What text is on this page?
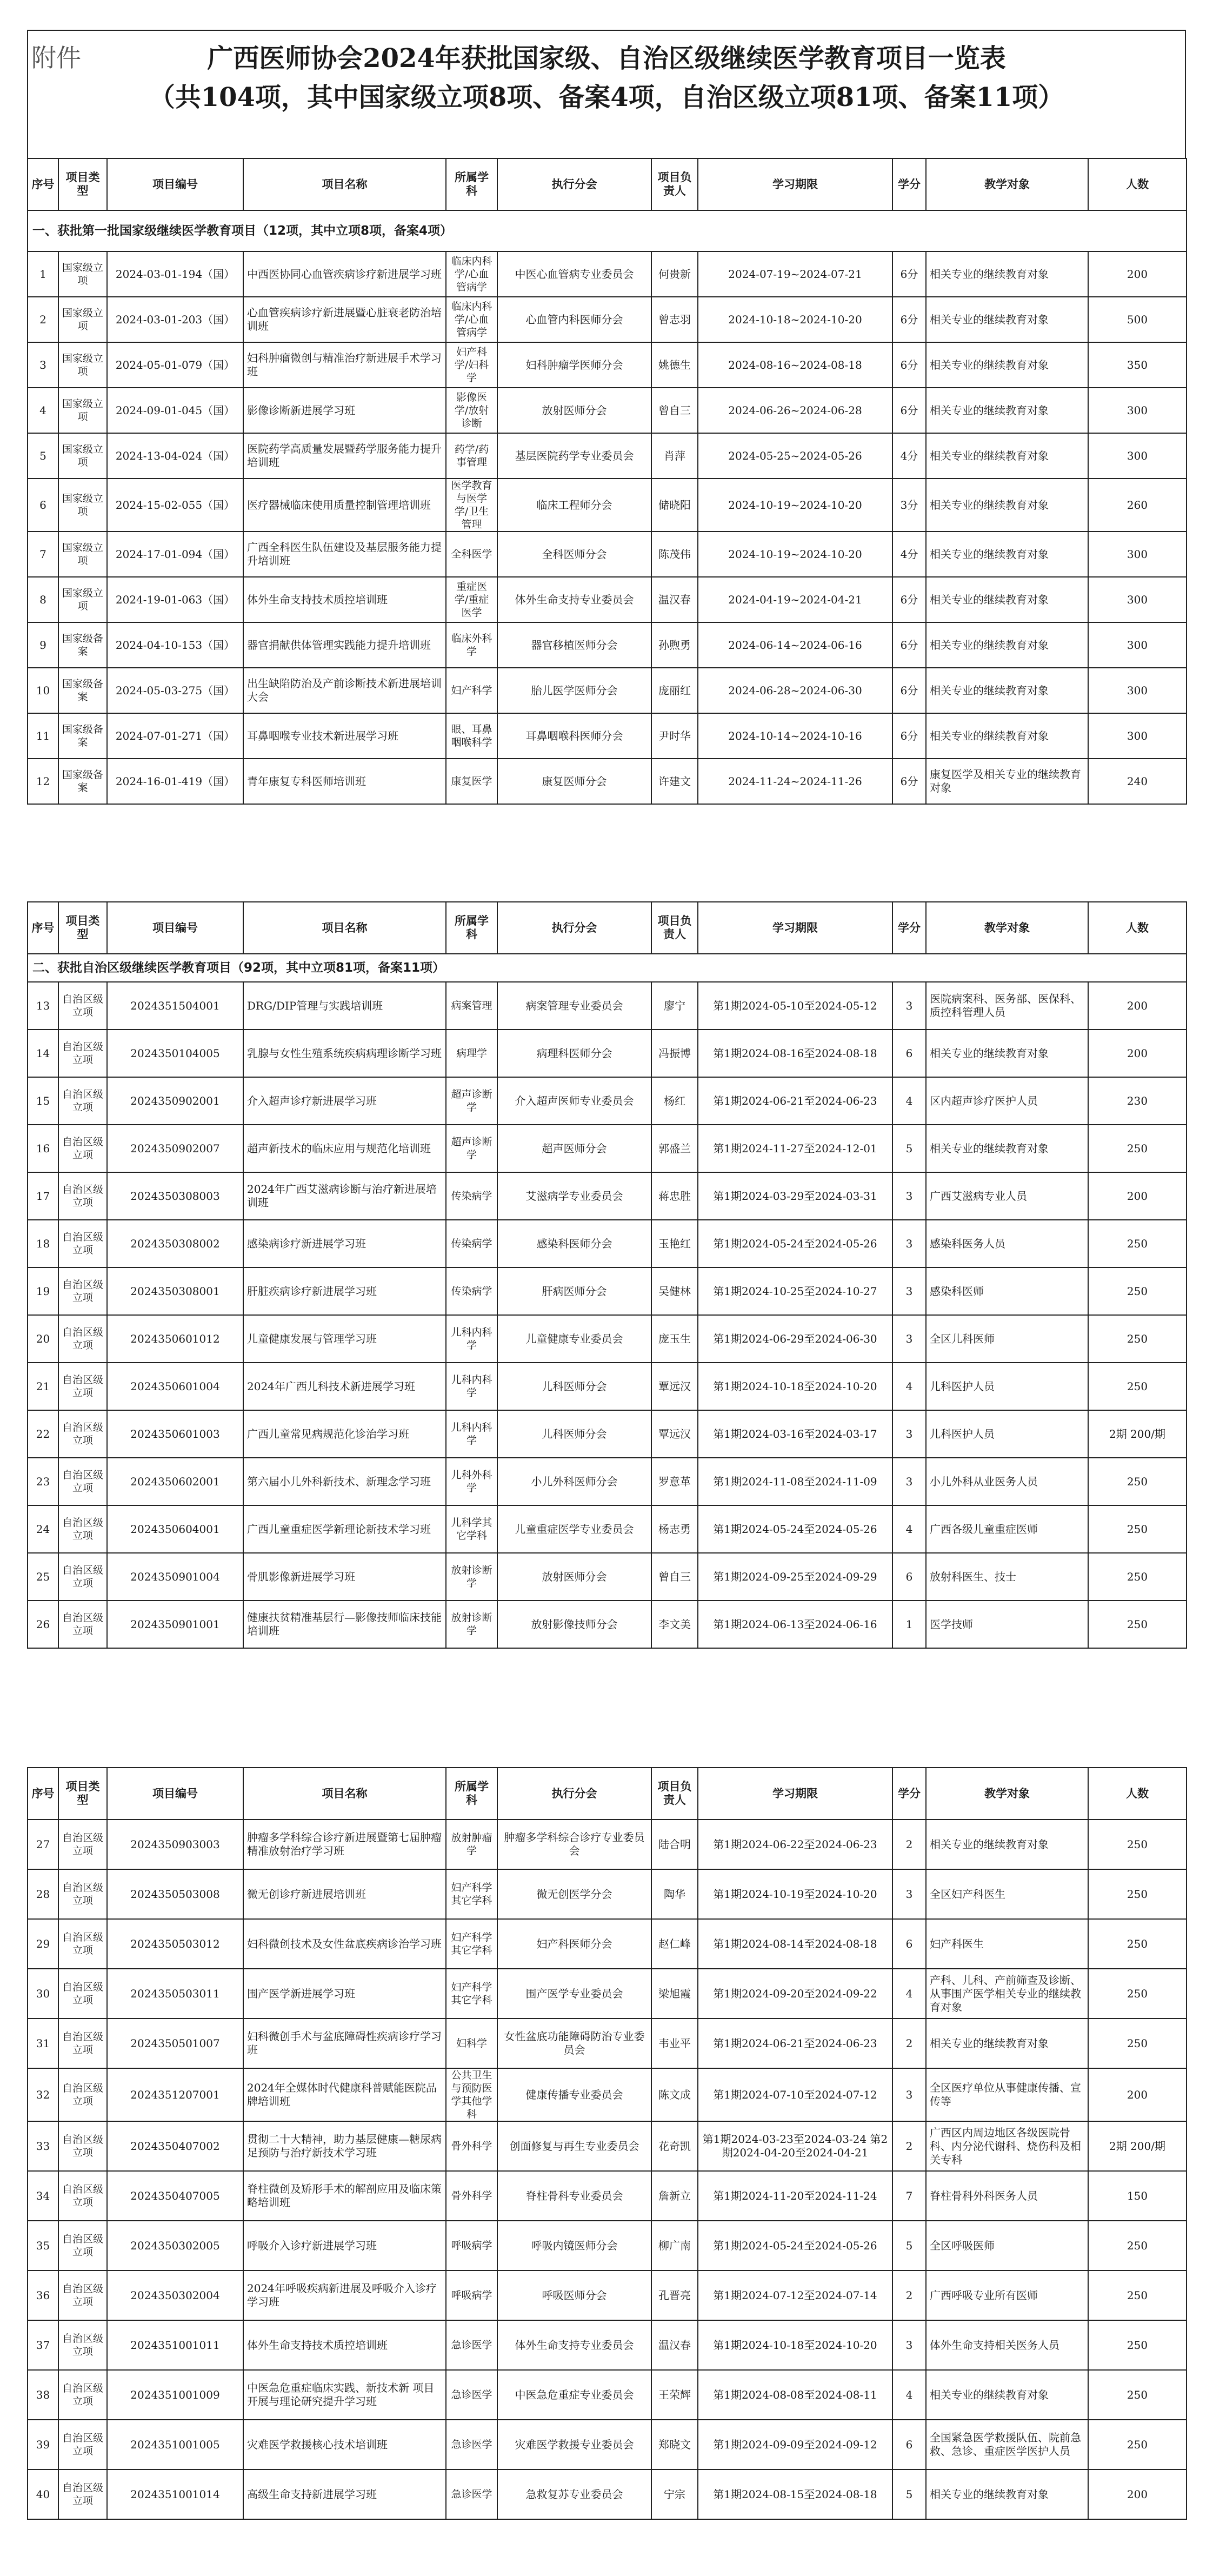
附件	广西医师协会2024年获批国家级、自治区级继续医学教育项目一览表
（共104项，其中国家级立项8项、备案4项，自治区级立项81项、备案11项）
序号	项目类型	项目编号	项目名称	所属学科	执行分会	项目负责人	学习期限	学分	教学对象	人数
一、获批第一批国家级继续医学教育项目（12项，其中立项8项，备案4项）										
1	国家级立项	2024-03-01-194（国）	中西医协同心血管疾病诊疗新进展学习班	临床内科学/心血管病学	中医心血管病专业委员会	何贵新	2024-07-19~2024-07-21	6分	相关专业的继续教育对象	200
2	国家级立项	2024-03-01-203（国）	心血管疾病诊疗新进展暨心脏衰老防治培训班	临床内科学/心血管病学	心血管内科医师分会	曾志羽	2024-10-18~2024-10-20	6分	相关专业的继续教育对象	500
3	国家级立项	2024-05-01-079（国）	妇科肿瘤微创与精准治疗新进展手术学习班	妇产科学/妇科学	妇科肿瘤学医师分会	姚德生	2024-08-16~2024-08-18	6分	相关专业的继续教育对象	350
4	国家级立项	2024-09-01-045（国）	影像诊断新进展学习班	影像医学/放射诊断	放射医师分会	曾自三	2024-06-26~2024-06-28	6分	相关专业的继续教育对象	300
5	国家级立项	2024-13-04-024（国）	医院药学高质量发展暨药学服务能力提升培训班	药学/药事管理	基层医院药学专业委员会	肖萍	2024-05-25~2024-05-26	4分	相关专业的继续教育对象	300
6	国家级立项	2024-15-02-055（国）	医疗器械临床使用质量控制管理培训班	医学教育与医学学/卫生管理	临床工程师分会	储晓阳	2024-10-19~2024-10-20	3分	相关专业的继续教育对象	260
7	国家级立项	2024-17-01-094（国）	广西全科医生队伍建设及基层服务能力提升培训班	全科医学	全科医师分会	陈茂伟	2024-10-19~2024-10-20	4分	相关专业的继续教育对象	300
8	国家级立项	2024-19-01-063（国）	体外生命支持技术质控培训班	重症医学/重症医学	体外生命支持专业委员会	温汉春	2024-04-19~2024-04-21	6分	相关专业的继续教育对象	300
9	国家级备案	2024-04-10-153（国）	器官捐献供体管理实践能力提升培训班	临床外科学	器官移植医师分会	孙煦勇	2024-06-14~2024-06-16	6分	相关专业的继续教育对象	300
10	国家级备案	2024-05-03-275（国）	出生缺陷防治及产前诊断技术新进展培训大会	妇产科学	胎儿医学医师分会	庞丽红	2024-06-28~2024-06-30	6分	相关专业的继续教育对象	300
11	国家级备案	2024-07-01-271（国）	耳鼻咽喉专业技术新进展学习班	眼、耳鼻咽喉科学	耳鼻咽喉科医师分会	尹时华	2024-10-14~2024-10-16	6分	相关专业的继续教育对象	300
12	国家级备案	2024-16-01-419（国）	青年康复专科医师培训班	康复医学	康复医师分会	许建文	2024-11-24~2024-11-26	6分	康复医学及相关专业的继续教育对象	240
序号	项目类型	项目编号	项目名称	所属学科	执行分会	项目负责人	学习期限	学分	教学对象	人数
二、获批自治区级继续医学教育项目（92项，其中立项81项，备案11项）										
13	自治区级立项	2024351504001	DRG/DIP管理与实践培训班	病案管理	病案管理专业委员会	廖宁	第1期2024-05-10至2024-05-12	3	医院病案科、医务部、医保科、质控科管理人员	200
14	自治区级立项	2024350104005	乳腺与女性生殖系统疾病病理诊断学习班	病理学	病理科医师分会	冯振博	第1期2024-08-16至2024-08-18	6	相关专业的继续教育对象	200
15	自治区级立项	2024350902001	介入超声诊疗新进展学习班	超声诊断学	介入超声医师专业委员会	杨红	第1期2024-06-21至2024-06-23	4	区内超声诊疗医护人员	230
16	自治区级立项	2024350902007	超声新技术的临床应用与规范化培训班	超声诊断学	超声医师分会	郭盛兰	第1期2024-11-27至2024-12-01	5	相关专业的继续教育对象	250
17	自治区级立项	2024350308003	2024年广西艾滋病诊断与治疗新进展培训班	传染病学	艾滋病学专业委员会	蒋忠胜	第1期2024-03-29至2024-03-31	3	广西艾滋病专业人员	200
18	自治区级立项	2024350308002	感染病诊疗新进展学习班	传染病学	感染科医师分会	玉艳红	第1期2024-05-24至2024-05-26	3	感染科医务人员	250
19	自治区级立项	2024350308001	肝脏疾病诊疗新进展学习班	传染病学	肝病医师分会	吴健林	第1期2024-10-25至2024-10-27	3	感染科医师	250
20	自治区级立项	2024350601012	儿童健康发展与管理学习班	儿科内科学	儿童健康专业委员会	庞玉生	第1期2024-06-29至2024-06-30	3	全区儿科医师	250
21	自治区级立项	2024350601004	2024年广西儿科技术新进展学习班	儿科内科学	儿科医师分会	覃远汉	第1期2024-10-18至2024-10-20	4	儿科医护人员	250
22	自治区级立项	2024350601003	广西儿童常见病规范化诊治学习班	儿科内科学	儿科医师分会	覃远汉	第1期2024-03-16至2024-03-17	3	儿科医护人员	2期 200/期
23	自治区级立项	2024350602001	第六届小儿外科新技术、新理念学习班	儿科外科学	小儿外科医师分会	罗意革	第1期2024-11-08至2024-11-09	3	小儿外科从业医务人员	250
24	自治区级立项	2024350604001	广西儿童重症医学新理论新技术学习班	儿科学其它学科	儿童重症医学专业委员会	杨志勇	第1期2024-05-24至2024-05-26	4	广西各级儿童重症医师	250
25	自治区级立项	2024350901004	骨肌影像新进展学习班	放射诊断学	放射医师分会	曾自三	第1期2024-09-25至2024-09-29	6	放射科医生、技士	250
26	自治区级立项	2024350901001	健康扶贫精准基层行—影像技师临床技能培训班	放射诊断学	放射影像技师分会	李文美	第1期2024-06-13至2024-06-16	1	医学技师	250
序号	项目类型	项目编号	项目名称	所属学科	执行分会	项目负责人	学习期限	学分	教学对象	人数
27	自治区级立项	2024350903003	肿瘤多学科综合诊疗新进展暨第七届肿瘤精准放射治疗学习班	放射肿瘤学	肿瘤多学科综合诊疗专业委员会	陆合明	第1期2024-06-22至2024-06-23	2	相关专业的继续教育对象	250
28	自治区级立项	2024350503008	微无创诊疗新进展培训班	妇产科学其它学科	微无创医学分会	陶华	第1期2024-10-19至2024-10-20	3	全区妇产科医生	250
29	自治区级立项	2024350503012	妇科微创技术及女性盆底疾病诊治学习班	妇产科学其它学科	妇产科医师分会	赵仁峰	第1期2024-08-14至2024-08-18	6	妇产科医生	250
30	自治区级立项	2024350503011	围产医学新进展学习班	妇产科学其它学科	围产医学专业委员会	梁旭霞	第1期2024-09-20至2024-09-22	4	产科、儿科、产前筛查及诊断、从事围产医学相关专业的继续教育对象	250
31	自治区级立项	2024350501007	妇科微创手术与盆底障碍性疾病诊疗学习班	妇科学	女性盆底功能障碍防治专业委员会	韦业平	第1期2024-06-21至2024-06-23	2	相关专业的继续教育对象	250
32	自治区级立项	2024351207001	2024年全媒体时代健康科普赋能医院品牌培训班	公共卫生与预防医学其他学科	健康传播专业委员会	陈文成	第1期2024-07-10至2024-07-12	3	全区医疗单位从事健康传播、宣传等	200
33	自治区级立项	2024350407002	贯彻二十大精神，助力基层健康—糖尿病足预防与治疗新技术学习班	骨外科学	创面修复与再生专业委员会	花奇凯	第1期2024-03-23至2024-03-24 第2期2024-04-20至2024-04-21	2	广西区内周边地区各级医院骨科、内分泌代谢科、烧伤科及相关专科	2期 200/期
34	自治区级立项	2024350407005	脊柱微创及矫形手术的解剖应用及临床策略培训班	骨外科学	脊柱骨科专业委员会	詹新立	第1期2024-11-20至2024-11-24	7	脊柱骨科外科医务人员	150
35	自治区级立项	2024350302005	呼吸介入诊疗新进展学习班	呼吸病学	呼吸内镜医师分会	柳广南	第1期2024-05-24至2024-05-26	5	全区呼吸医师	250
36	自治区级立项	2024350302004	2024年呼吸疾病新进展及呼吸介入诊疗学习班	呼吸病学	呼吸医师分会	孔晋亮	第1期2024-07-12至2024-07-14	2	广西呼吸专业所有医师	250
37	自治区级立项	2024351001011	体外生命支持技术质控培训班	急诊医学	体外生命支持专业委员会	温汉春	第1期2024-10-18至2024-10-20	3	体外生命支持相关医务人员	250
38	自治区级立项	2024351001009	中医急危重症临床实践、新技术新 项目开展与理论研究提升学习班	急诊医学	中医急危重症专业委员会	王荣辉	第1期2024-08-08至2024-08-11	4	相关专业的继续教育对象	250
39	自治区级立项	2024351001005	灾难医学救援核心技术培训班	急诊医学	灾难医学救援专业委员会	郑晓文	第1期2024-09-09至2024-09-12	6	全国紧急医学救援队伍、院前急救、急诊、重症医学医护人员	250
40	自治区级立项	2024351001014	高级生命支持新进展学习班	急诊医学	急救复苏专业委员会	宁宗	第1期2024-08-15至2024-08-18	5	相关专业的继续教育对象	200
